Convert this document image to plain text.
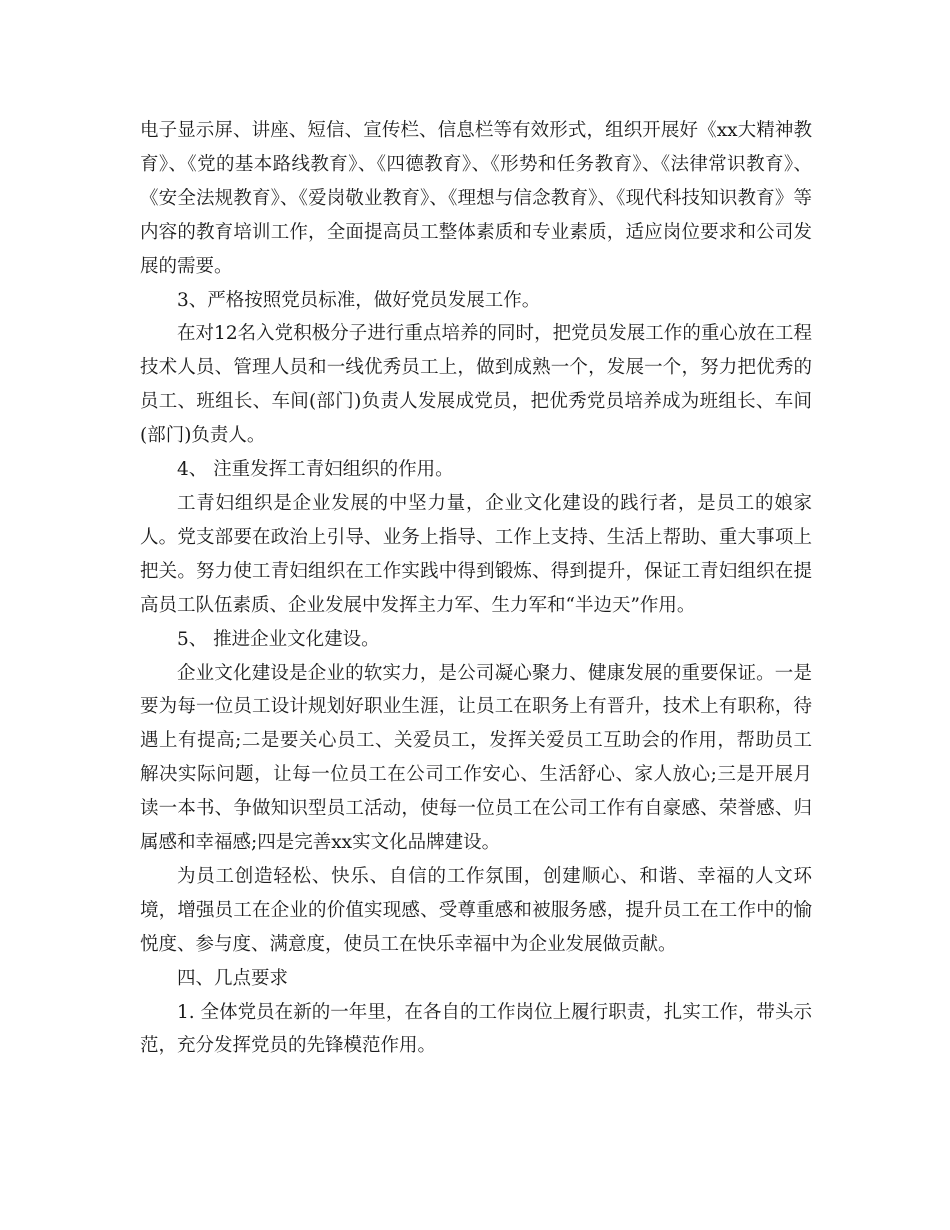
电子显示屏、讲座、短信、宣传栏、信息栏等有效形式，组织开展好《xx大精神教育》、《党的基本路线教育》、《四德教育》、《形势和任务教育》、《法律常识教育》、《安全法规教育》、《爱岗敬业教育》、《理想与信念教育》、《现代科技知识教育》等内容的教育培训工作，全面提高员工整体素质和专业素质，适应岗位要求和公司发展的需要。

3、严格按照党员标准，做好党员发展工作。

在对12名入党积极分子进行重点培养的同时，把党员发展工作的重心放在工程技术人员、管理人员和一线优秀员工上，做到成熟一个，发展一个，努力把优秀的员工、班组长、车间(部门)负责人发展成党员，把优秀党员培养成为班组长、车间(部门)负责人。

4、 注重发挥工青妇组织的作用。

工青妇组织是企业发展的中坚力量，企业文化建设的践行者，是员工的娘家人。党支部要在政治上引导、业务上指导、工作上支持、生活上帮助、重大事项上把关。努力使工青妇组织在工作实践中得到锻炼、得到提升，保证工青妇组织在提高员工队伍素质、企业发展中发挥主力军、生力军和“半边天”作用。

5、 推进企业文化建设。

企业文化建设是企业的软实力，是公司凝心聚力、健康发展的重要保证。一是要为每一位员工设计规划好职业生涯，让员工在职务上有晋升，技术上有职称，待遇上有提高;二是要关心员工、关爱员工，发挥关爱员工互助会的作用，帮助员工解决实际问题，让每一位员工在公司工作安心、生活舒心、家人放心;三是开展月读一本书、争做知识型员工活动，使每一位员工在公司工作有自豪感、荣誉感、归属感和幸福感;四是完善xx实文化品牌建设。

为员工创造轻松、快乐、自信的工作氛围，创建顺心、和谐、幸福的人文环境，增强员工在企业的价值实现感、受尊重感和被服务感，提升员工在工作中的愉悦度、参与度、满意度，使员工在快乐幸福中为企业发展做贡献。

四、几点要求

1. 全体党员在新的一年里，在各自的工作岗位上履行职责，扎实工作，带头示范，充分发挥党员的先锋模范作用。
